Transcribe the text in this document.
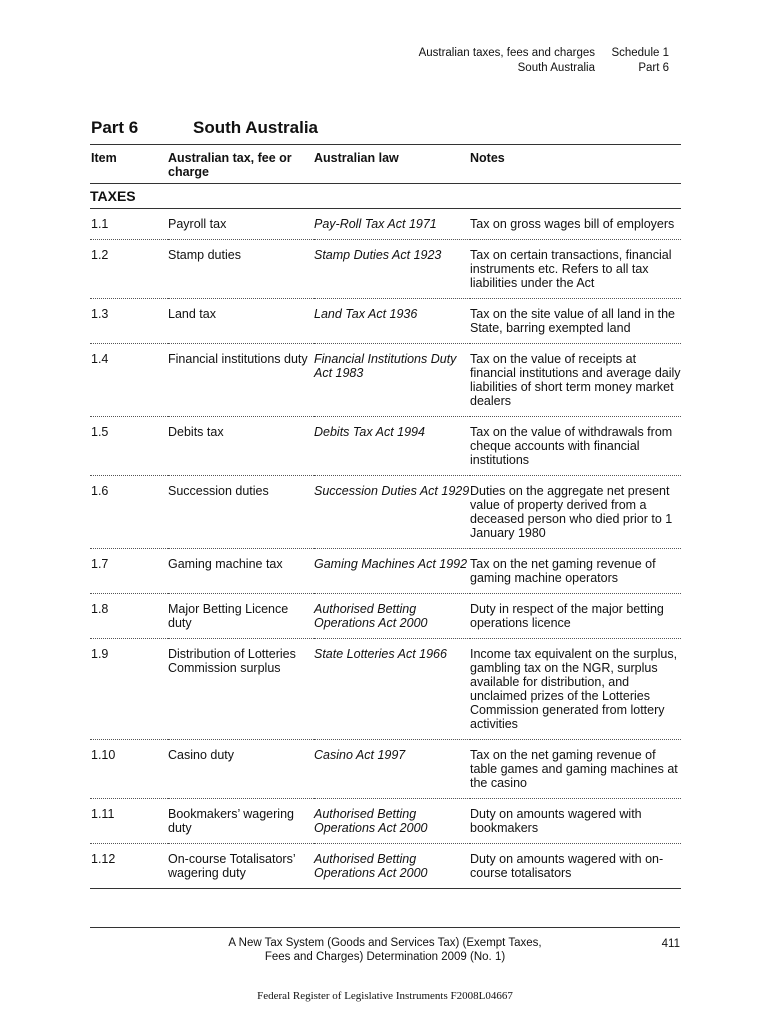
Australian taxes, fees and charges
South Australia
Schedule 1
Part 6
Part 6	South Australia
Item	Australian tax, fee or charge	Australian law	Notes
TAXES			
1.1	Payroll tax	Pay-Roll Tax Act 1971	Tax on gross wages bill of employers
1.2	Stamp duties	Stamp Duties Act 1923	Tax on certain transactions, financial instruments etc. Refers to all tax liabilities under the Act
1.3	Land tax	Land Tax Act 1936	Tax on the site value of all land in the State, barring exempted land
1.4	Financial institutions duty	Financial Institutions Duty Act 1983	Tax on the value of receipts at financial institutions and average daily liabilities of short term money market dealers
1.5	Debits tax	Debits Tax Act 1994	Tax on the value of withdrawals from cheque accounts with financial institutions
1.6	Succession duties	Succession Duties Act 1929	Duties on the aggregate net present value of property derived from a deceased person who died prior to 1 January 1980
1.7	Gaming machine tax	Gaming Machines Act 1992	Tax on the net gaming revenue of gaming machine operators
1.8	Major Betting Licence duty	Authorised Betting Operations Act 2000	Duty in respect of the major betting operations licence
1.9	Distribution of Lotteries Commission surplus	State Lotteries Act 1966	Income tax equivalent on the surplus, gambling tax on the NGR, surplus available for distribution, and unclaimed prizes of the Lotteries Commission generated from lottery activities
1.10	Casino duty	Casino Act 1997	Tax on the net gaming revenue of table games and gaming machines at the casino
1.11	Bookmakers’ wagering duty	Authorised Betting Operations Act 2000	Duty on amounts wagered with bookmakers
1.12	On-course Totalisators’ wagering duty	Authorised Betting Operations Act 2000	Duty on amounts wagered with on-course totalisators
A New Tax System (Goods and Services Tax) (Exempt Taxes,
Fees and Charges) Determination 2009 (No. 1)
411
Federal Register of Legislative Instruments F2008L04667
